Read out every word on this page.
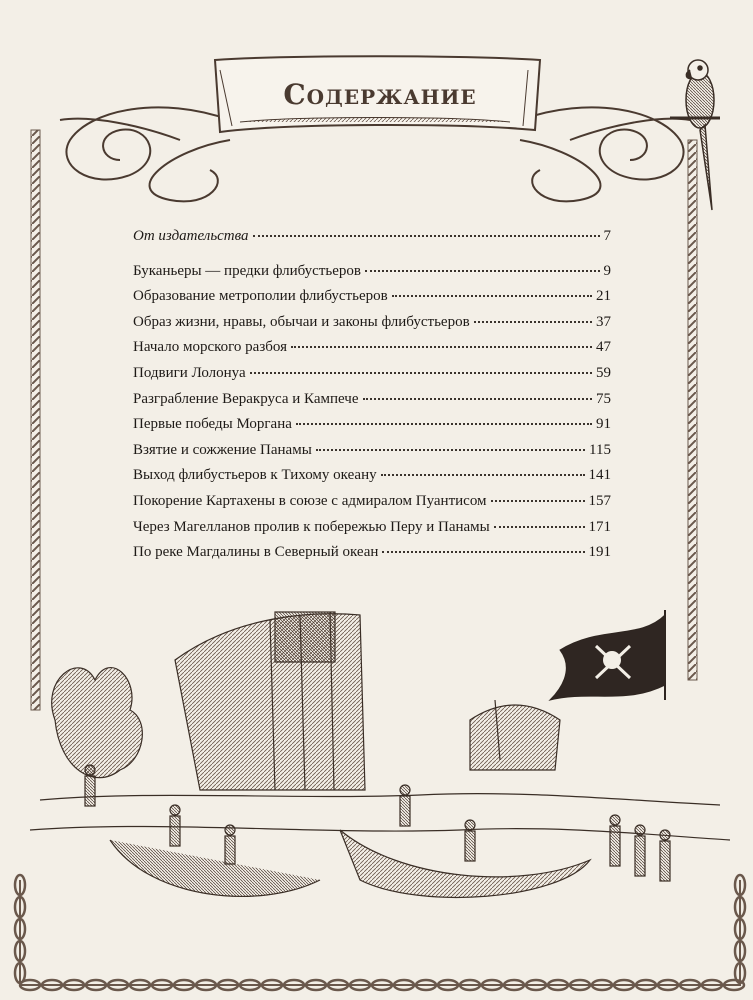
Содержание
От издательства	7
Буканьеры — предки флибустьеров	9
Образование метрополии флибустьеров	21
Образ жизни, нравы, обычаи и законы флибустьеров	37
Начало морского разбоя	47
Подвиги Лолонуа	59
Разграбление Веракруса и Кампече	75
Первые победы Моргана	91
Взятие и сожжение Панамы	115
Выход флибустьеров к Тихому океану	141
Покорение Картахены в союзе с адмиралом Пуантисом	157
Через Магелланов пролив к побережью Перу и Панамы	171
По реке Магдалины в Северный океан	191
